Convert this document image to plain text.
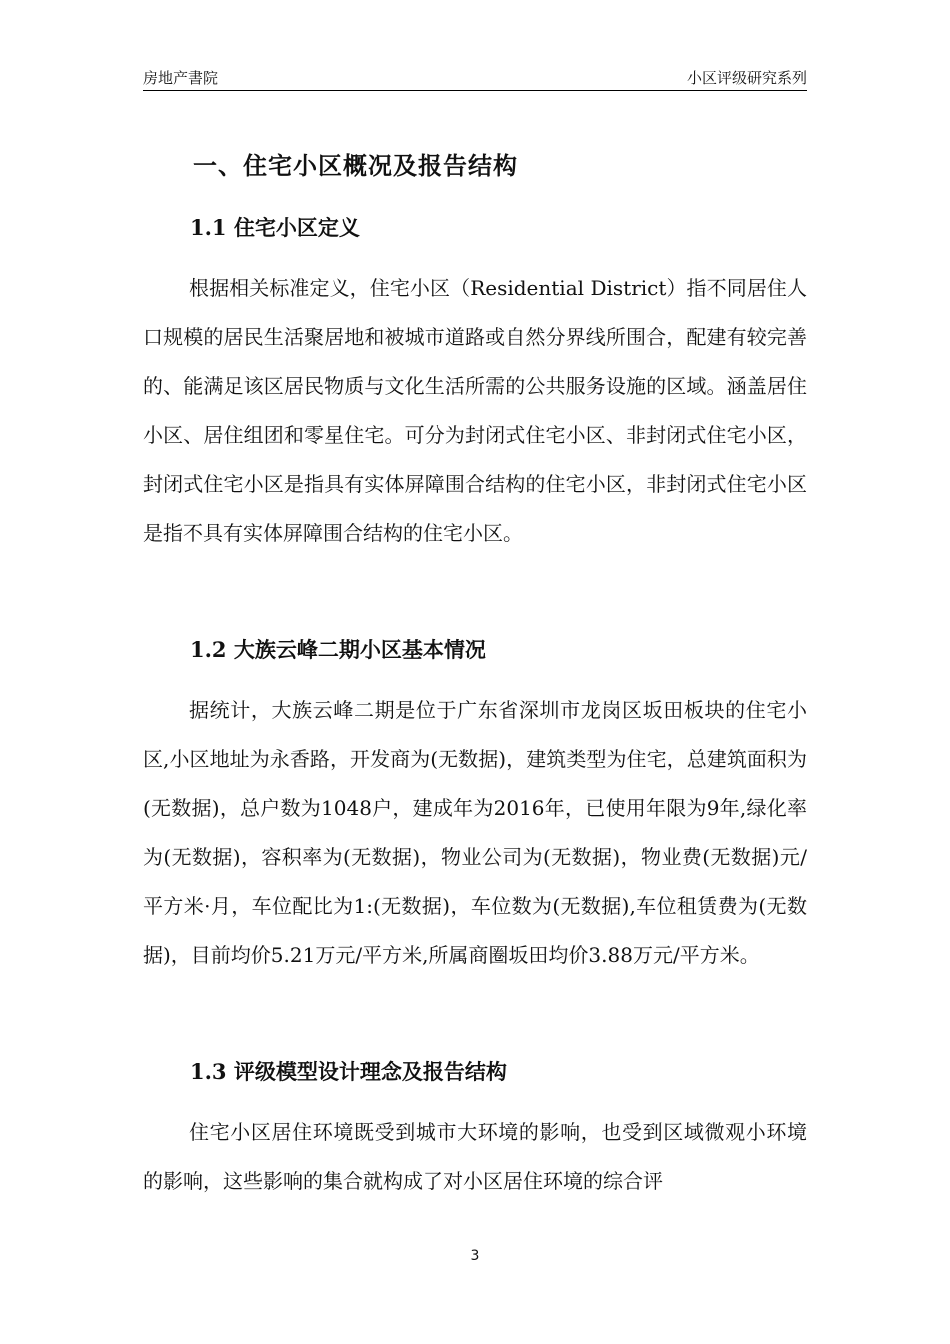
房地产書院	小区评级研究系列
一、住宅小区概况及报告结构
1.1 住宅小区定义

根据相关标准定义，住宅小区（Residential District）指不同居住人口规模的居民生活聚居地和被城市道路或自然分界线所围合，配建有较完善的、能满足该区居民物质与文化生活所需的公共服务设施的区域。涵盖居住小区、居住组团和零星住宅。可分为封闭式住宅小区、非封闭式住宅小区，封闭式住宅小区是指具有实体屏障围合结构的住宅小区，非封闭式住宅小区是指不具有实体屏障围合结构的住宅小区。

1.2 大族云峰二期小区基本情况

据统计，大族云峰二期是位于广东省深圳市龙岗区坂田板块的住宅小区,小区地址为永香路，开发商为(无数据)，建筑类型为住宅，总建筑面积为(无数据)，总户数为1048户，建成年为2016年，已使用年限为9年,绿化率为(无数据)，容积率为(无数据)，物业公司为(无数据)，物业费(无数据)元/平方米·月，车位配比为1:(无数据)，车位数为(无数据),车位租赁费为(无数据)，目前均价5.21万元/平方米,所属商圈坂田均价3.88万元/平方米。

1.3 评级模型设计理念及报告结构

住宅小区居住环境既受到城市大环境的影响，也受到区域微观小环境的影响，这些影响的集合就构成了对小区居住环境的综合评

3
